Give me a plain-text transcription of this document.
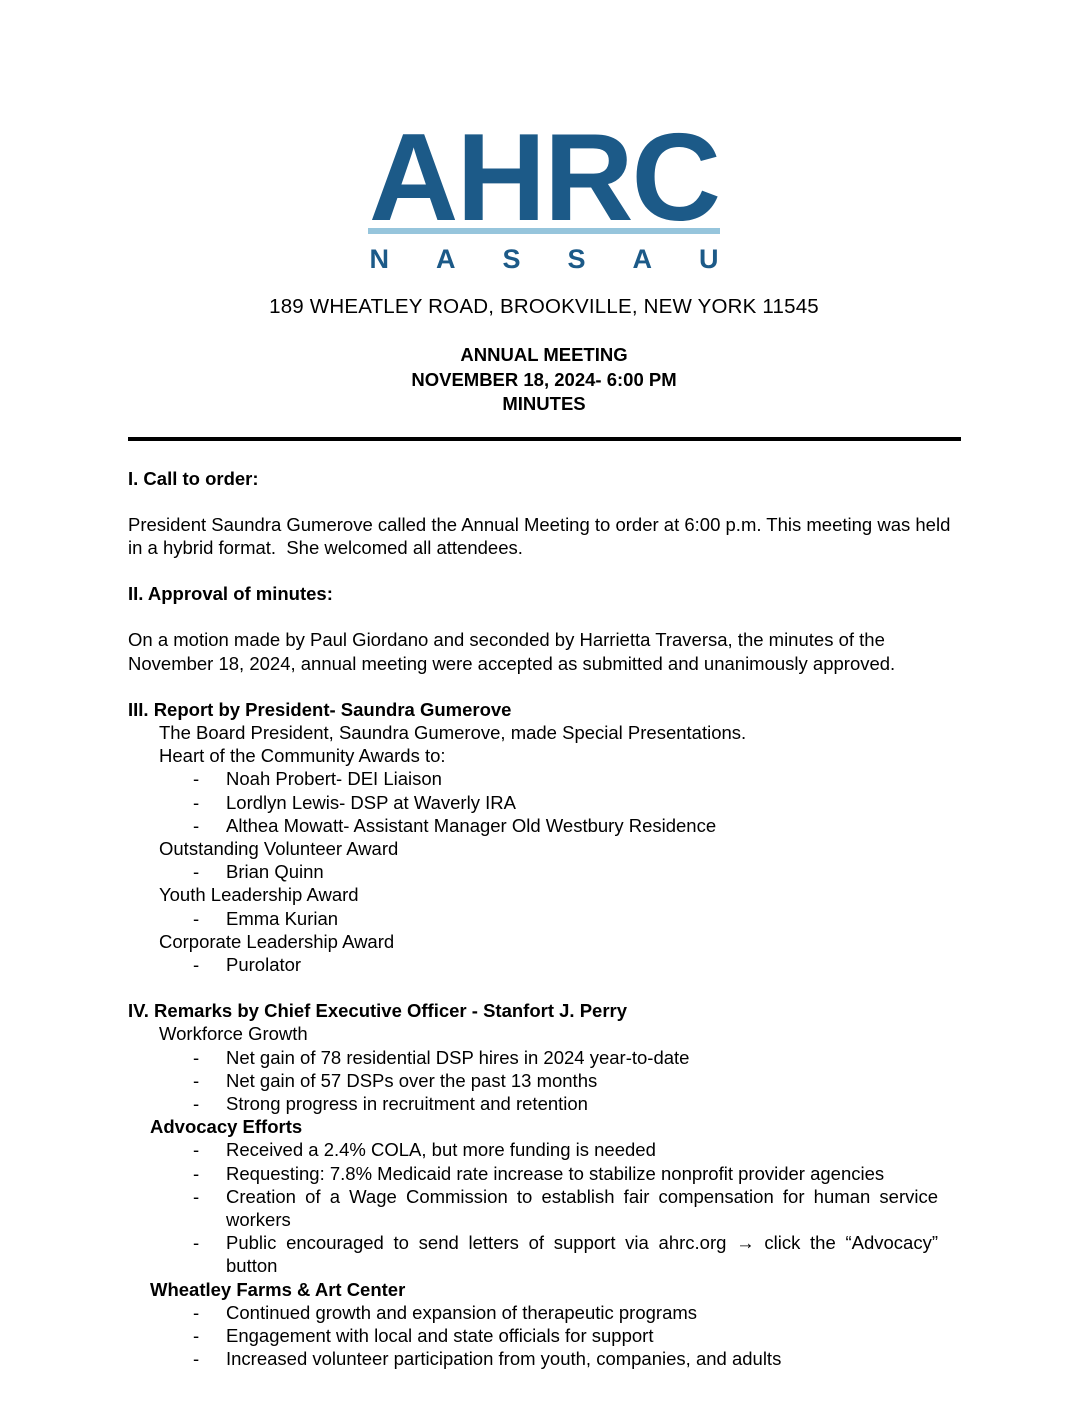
AHRC
NASSAU
189 WHEATLEY ROAD, BROOKVILLE, NEW YORK 11545
ANNUAL MEETING
NOVEMBER 18, 2024- 6:00 PM
MINUTES
I. Call to order:

President Saundra Gumerove called the Annual Meeting to order at 6:00 p.m. This meeting was held in a hybrid format.  She welcomed all attendees.

II. Approval of minutes:

On a motion made by Paul Giordano and seconded by Harrietta Traversa, the minutes of the November 18, 2024, annual meeting were accepted as submitted and unanimously approved.

III. Report by President- Saundra Gumerove
The Board President, Saundra Gumerove, made Special Presentations.
Heart of the Community Awards to:
- Noah Probert- DEI Liaison
- Lordlyn Lewis- DSP at Waverly IRA
- Althea Mowatt- Assistant Manager Old Westbury Residence
Outstanding Volunteer Award
- Brian Quinn
Youth Leadership Award
- Emma Kurian
Corporate Leadership Award
- Purolator
IV. Remarks by Chief Executive Officer - Stanfort J. Perry
Workforce Growth
- Net gain of 78 residential DSP hires in 2024 year-to-date
- Net gain of 57 DSPs over the past 13 months
- Strong progress in recruitment and retention
Advocacy Efforts
- Received a 2.4% COLA, but more funding is needed
- Requesting: 7.8% Medicaid rate increase to stabilize nonprofit provider agencies
- Creation of a Wage Commission to establish fair compensation for human service workers
- Public encouraged to send letters of support via ahrc.org → click the “Advocacy” button
Wheatley Farms & Art Center
- Continued growth and expansion of therapeutic programs
- Engagement with local and state officials for support
- Increased volunteer participation from youth, companies, and adults
